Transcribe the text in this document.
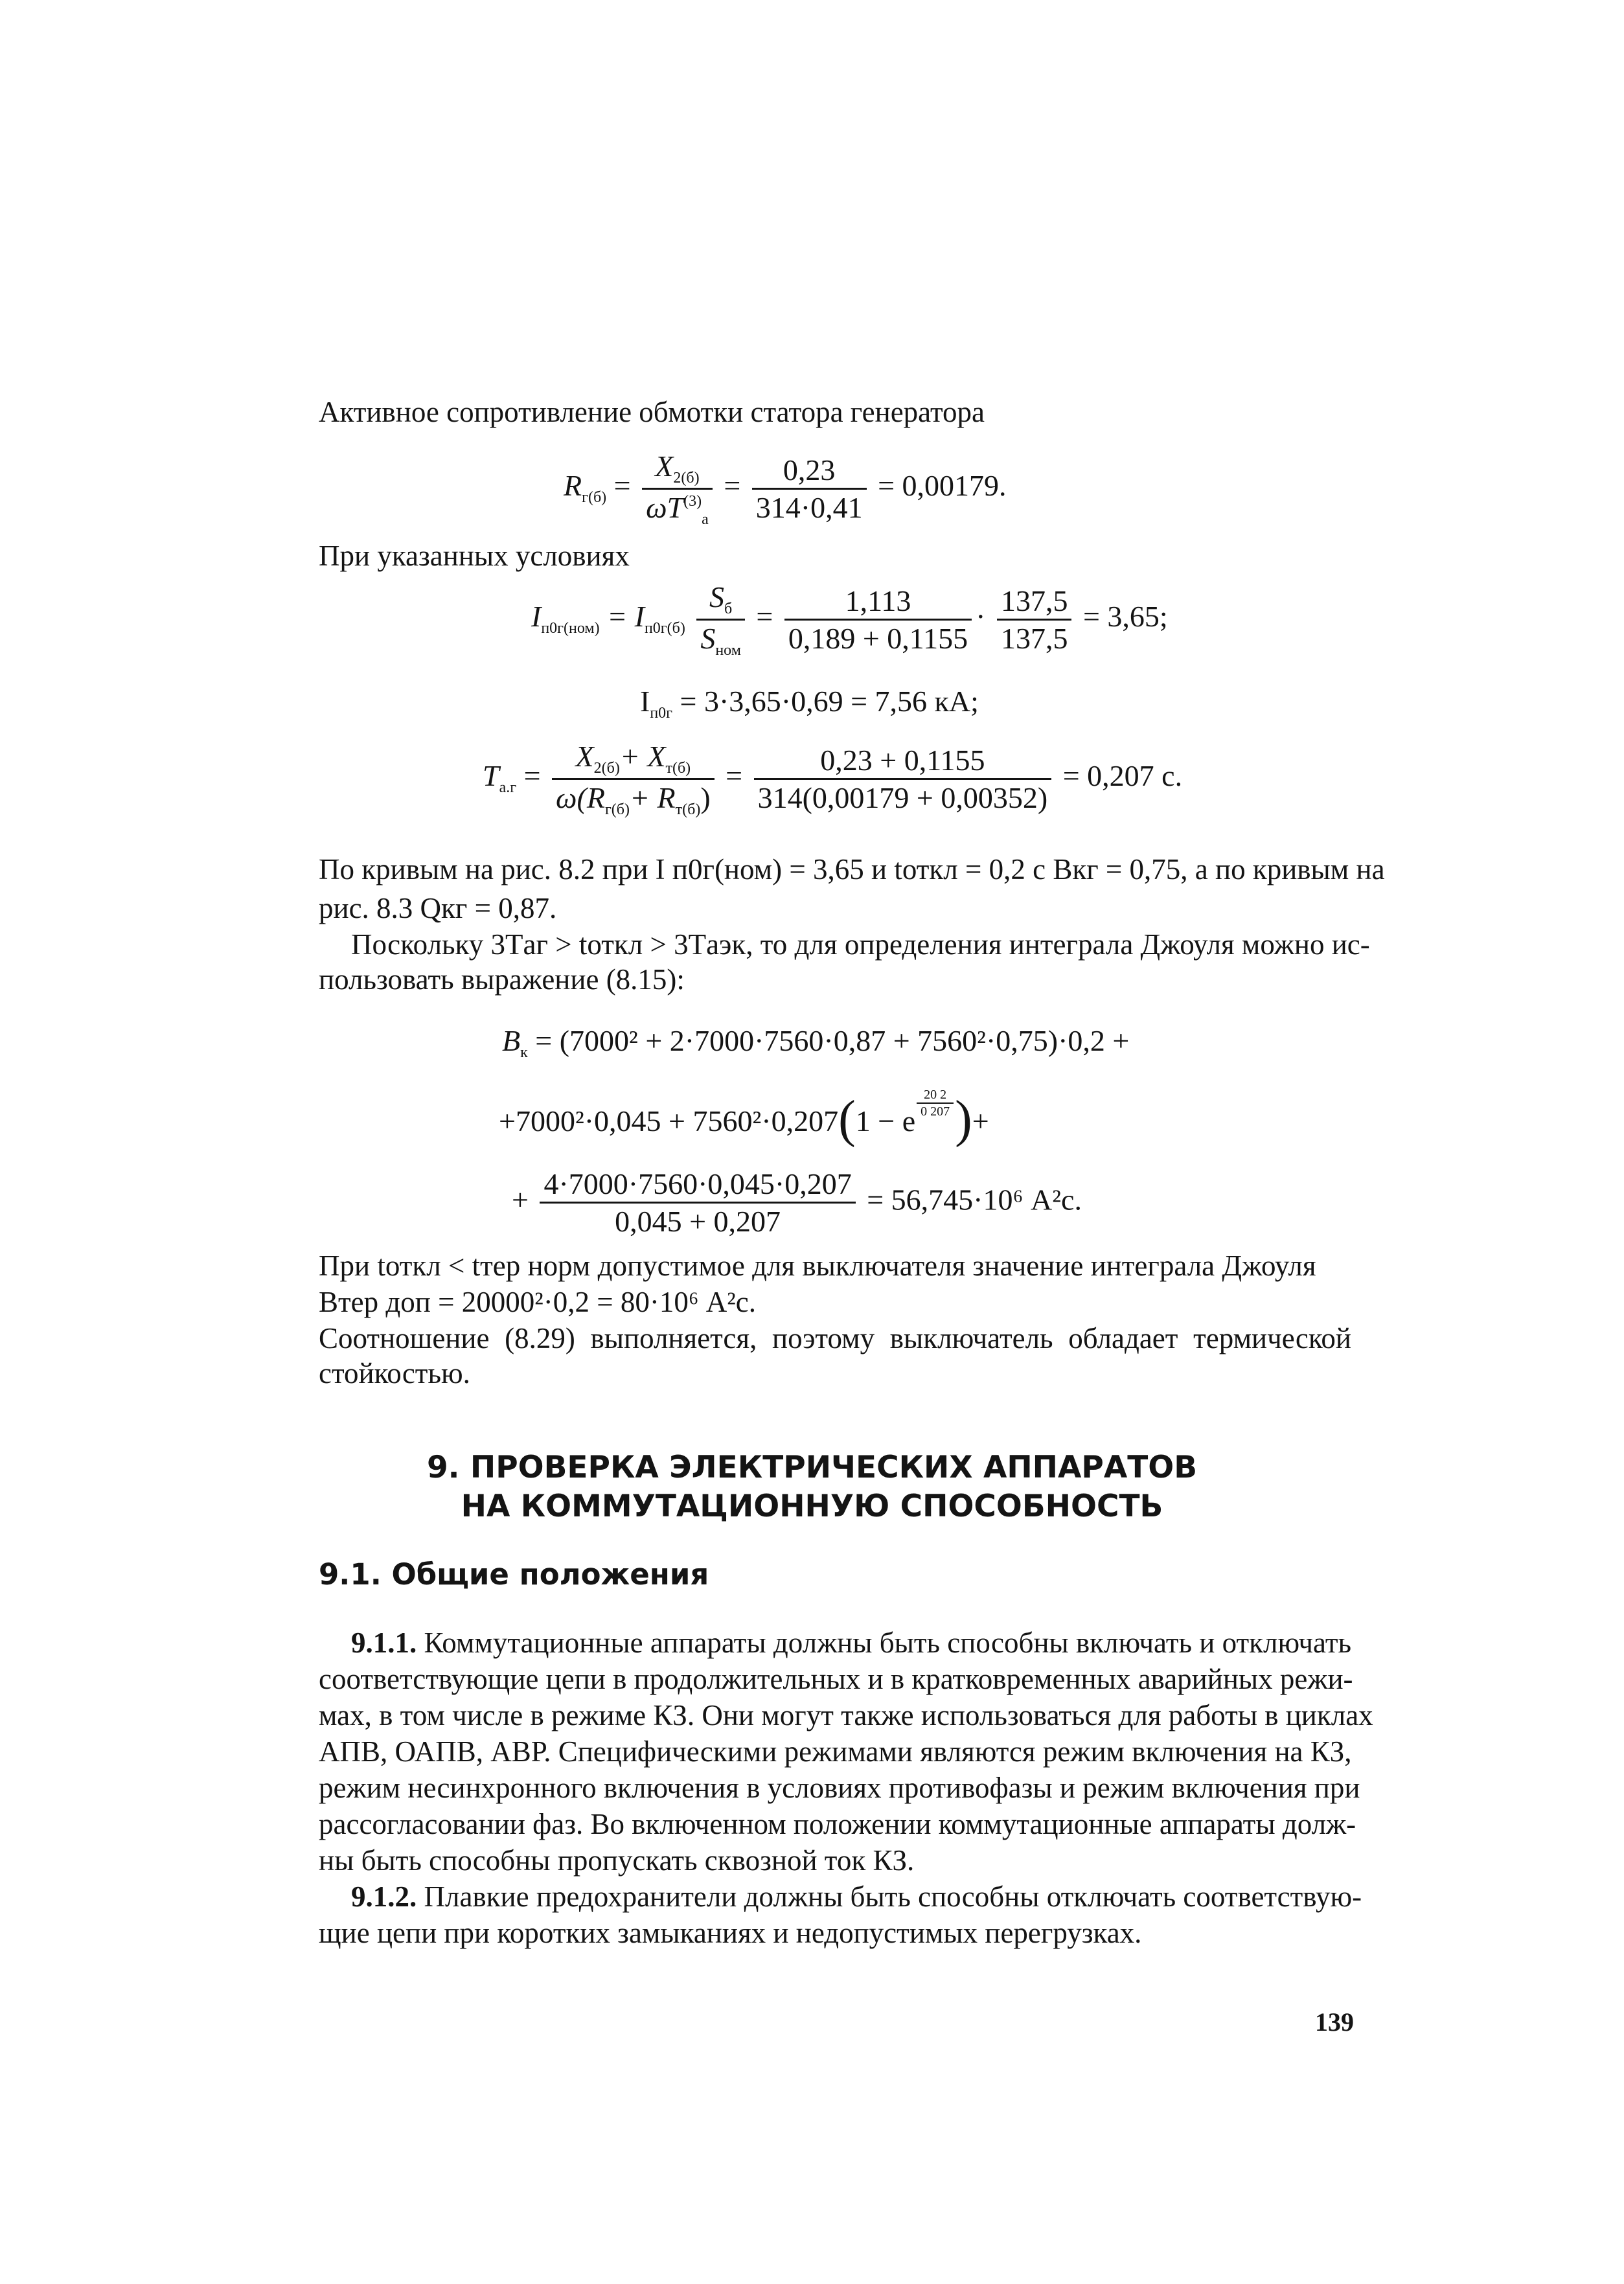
Активное сопротивление обмотки статора генератора
$R_{г(б)} = \frac{X_{2(б)}}{\omega T^{(3)}_а} = \frac{0,23}{314\cdot 0,41} = 0,00179$.
При указанных условиях
$I_{п0г(ном)} = I_{п0г(б)} \frac{S_б}{S_{ном}} = \frac{1,113}{0,189 + 0,1155} \cdot \frac{137,5}{137,5} = 3,65$;
$I_{п0г} = 3\cdot 3,65\cdot 0,69 = 7,56$ кА;
$T_{а.г} = \frac{X_{2(б)}+ X_{т(б)}}{\omega(R_{г(б)}+ R_{т(б)})} = \frac{0,23 + 0,1155}{314(0,00179 + 0,00352)} = 0,207$ с.
По кривым на рис. 8.2 при I п0г(ном) = 3,65 и tоткл = 0,2 с Bкг = 0,75, а по кривым на
рис. 8.3 Qкг = 0,87.
Поскольку 3Tаг > tоткл > 3Tаэк, то для определения интеграла Джоуля можно ис-
пользовать выражение (8.15):
$B_к = (7000^2 + 2\cdot 7000\cdot 7560\cdot 0,87 + 7560^2\cdot 0,75)\cdot 0,2$ +
+7000²·0,045 + 7560²·0,207(1 − e
$\frac{20 2}{0 207}$ )+
+ $\frac{4\cdot 7000\cdot 7560\cdot 0,045\cdot 0,207}{0,045 + 0,207} = 56,745\cdot 10^6$ А²с.
При tоткл < tтер норм допустимое для выключателя значение интеграла Джоуля
Bтер доп = 20000²·0,2 = 80·10⁶ А²с.
Соотношение (8.29) выполняется, поэтому выключатель обладает термической
стойкостью.
9. ПРОВЕРКА ЭЛЕКТРИЧЕСКИХ АППАРАТОВ
НА КОММУТАЦИОННУЮ СПОСОБНОСТЬ
9.1. Общие положения
9.1.1. Коммутационные аппараты должны быть способны включать и отключать
соответствующие цепи в продолжительных и в кратковременных аварийных режи-
мах, в том числе в режиме КЗ. Они могут также использоваться для работы в циклах
АПВ, ОАПВ, АВР. Специфическими режимами являются режим включения на КЗ,
режим несинхронного включения в условиях противофазы и режим включения при
рассогласовании фаз. Во включенном положении коммутационные аппараты долж-
ны быть способны пропускать сквозной ток КЗ.
9.1.2. Плавкие предохранители должны быть способны отключать соответствую-
щие цепи при коротких замыканиях и недопустимых перегрузках.
139
